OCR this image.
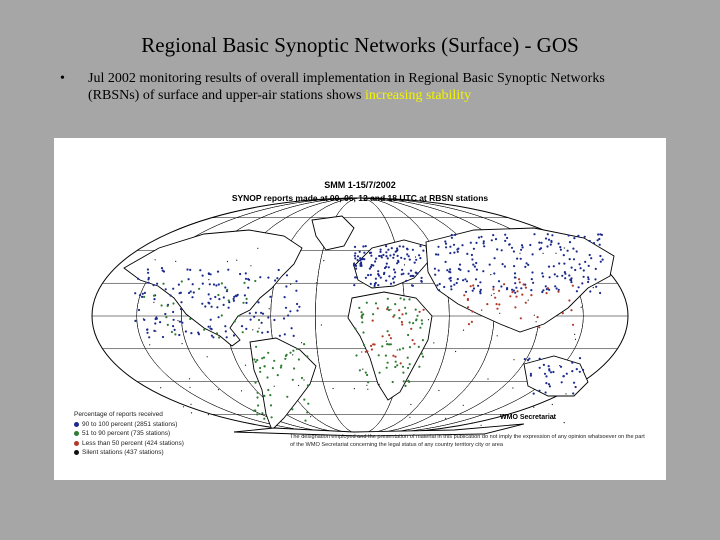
Regional Basic Synoptic Networks (Surface) - GOS
• Jul 2002 monitoring results of overall implementation in Regional Basic Synoptic Networks (RBSNs) of surface and upper-air stations shows increasing stability
SMM 1-15/7/2002
SYNOP reports made at 00, 06, 12 and 18 UTC at RBSN stations
Percentage of reports received
90 to 100 percent (2851 stations)
51 to 90 percent (735 stations)
Less than 50 percent (424 stations)
Silent stations (437 stations)
WMO Secretariat
The designation employed and the presentation of material in this publication do not imply the expression of any opinion whatsoever on the part of the WMO Secretariat concerning the legal status of any country territory city or area
